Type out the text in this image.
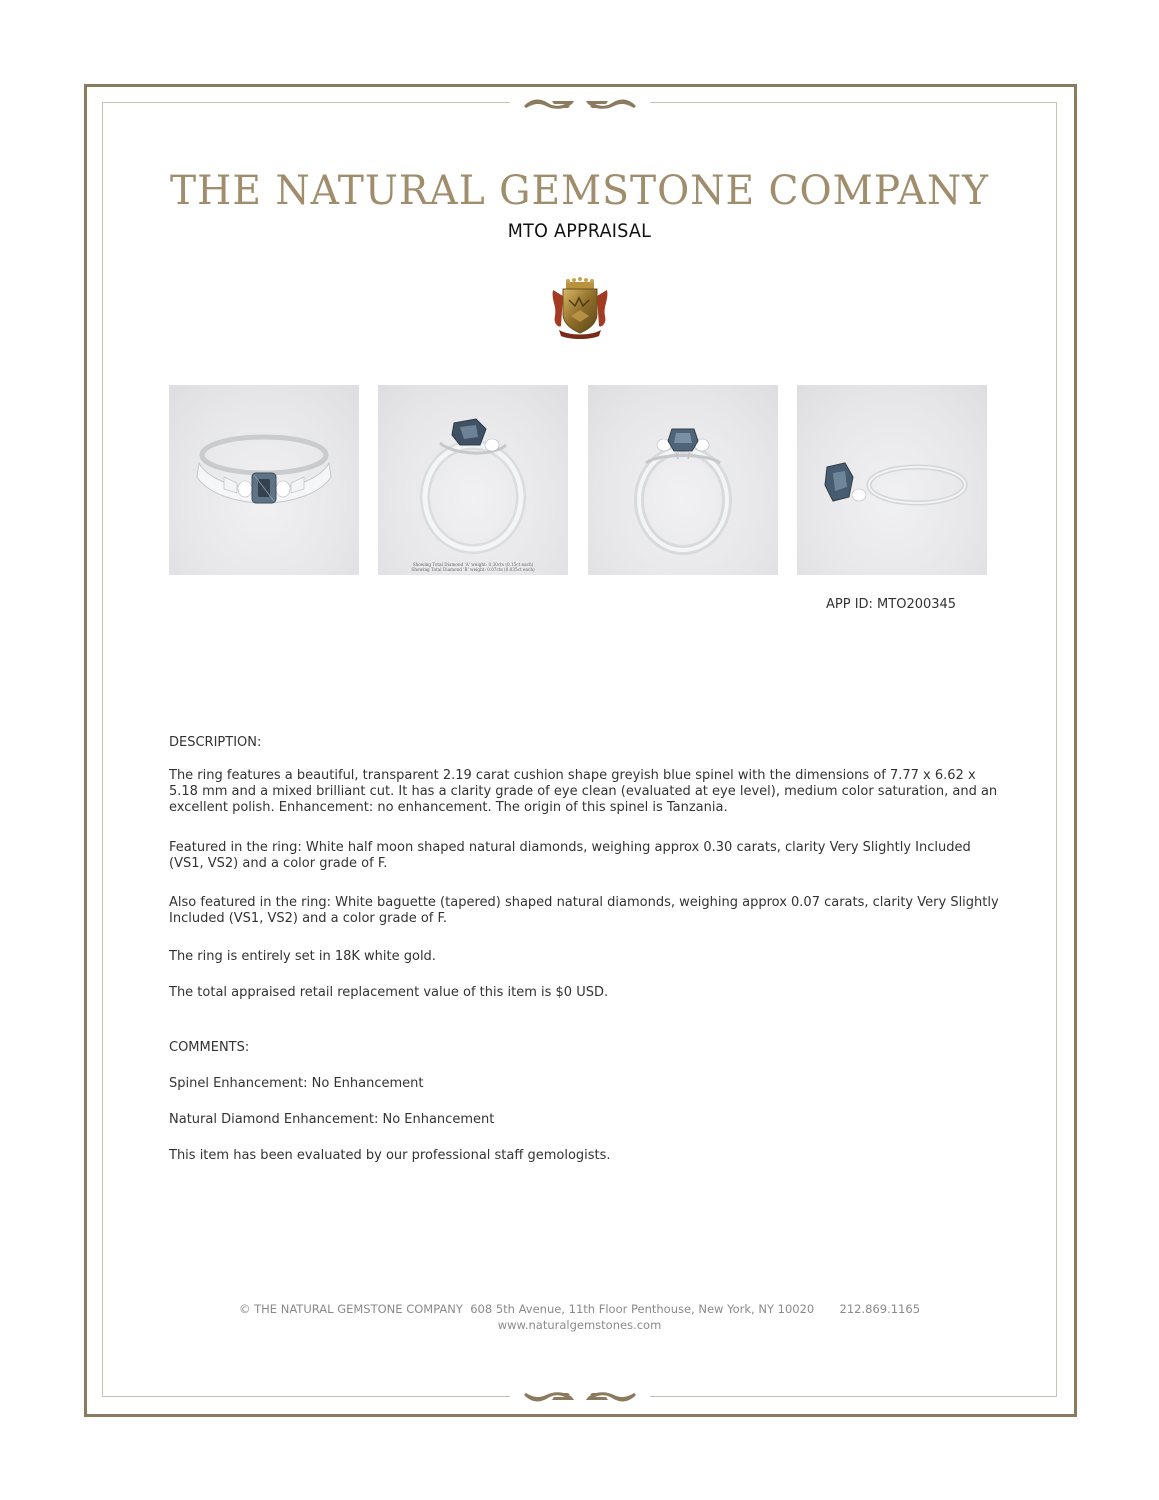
THE NATURAL GEMSTONE COMPANY
MTO APPRAISAL
Showing Total Diamond 'A' weight: 0.30cts (0.15ct each)
Showing Total Diamond 'B' weight: 0.07cts (0.035ct each)
APP ID: MTO200345
DESCRIPTION:

The ring features a beautiful, transparent 2.19 carat cushion shape greyish blue spinel with the dimensions of 7.77 x 6.62 x 5.18 mm and a mixed brilliant cut. It has a clarity grade of eye clean (evaluated at eye level), medium color saturation, and an excellent polish. Enhancement: no enhancement. The origin of this spinel is Tanzania.

Featured in the ring: White half moon shaped natural diamonds, weighing approx 0.30 carats, clarity Very Slightly Included (VS1, VS2) and a color grade of F.

Also featured in the ring: White baguette (tapered) shaped natural diamonds, weighing approx 0.07 carats, clarity Very Slightly Included (VS1, VS2) and a color grade of F.

The ring is entirely set in 18K white gold.

The total appraised retail replacement value of this item is $0 USD.

COMMENTS:

Spinel Enhancement: No Enhancement

Natural Diamond Enhancement: No Enhancement

This item has been evaluated by our professional staff gemologists.

© THE NATURAL GEMSTONE COMPANY 608 5th Avenue, 11th Floor Penthouse, New York, NY 10020 212.869.1165
www.naturalgemstones.com
